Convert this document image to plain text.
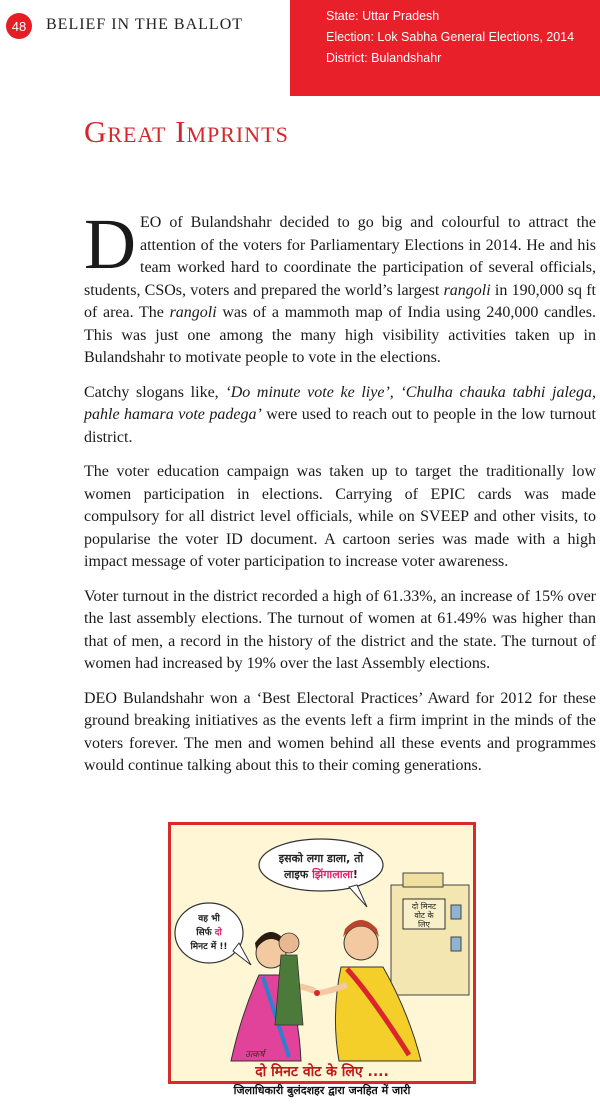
48 BELIEF IN THE BALLOT	State: Uttar Pradesh
Election: Lok Sabha General Elections, 2014
District: Bulandshahr
Great Imprints

DEO of Bulandshahr decided to go big and colourful to attract the attention of the voters for Parliamentary Elections in 2014. He and his team worked hard to coordinate the participation of several officials, students, CSOs, voters and prepared the world’s largest rangoli in 190,000 sq ft of area. The rangoli was of a mammoth map of India using 240,000 candles. This was just one among the many high visibility activities taken up in Bulandshahr to motivate people to vote in the elections.

Catchy slogans like, ‘Do minute vote ke liye’, ‘Chulha chauka tabhi jalega, pahle hamara vote padega’ were used to reach out to people in the low turnout district.

The voter education campaign was taken up to target the traditionally low women participation in elections. Carrying of EPIC cards was made compulsory for all district level officials, while on SVEEP and other visits, to popularise the voter ID document. A cartoon series was made with a high impact message of voter participation to increase voter awareness.

Voter turnout in the district recorded a high of 61.33%, an increase of 15% over the last assembly elections. The turnout of women at 61.49% was higher than that of men, a record in the history of the district and the state. The turnout of women had increased by 19% over the last Assembly elections.

DEO Bulandshahr won a ‘Best Electoral Practices’ Award for 2012 for these ground breaking initiatives as the events left a firm imprint in the minds of the voters forever. The men and women behind all these events and programmes would continue talking about this to their coming generations.

दो मिनट
वोट के
लिए
इसको लगा डाला, तो
लाइफ झिंगालाला!
वह भी
सिर्फ दो
मिनट में !!
उत्कर्ष
दो मिनट वोट के लिए ....
जिलाधिकारी बुलंदशहर द्वारा जनहित में जारी
